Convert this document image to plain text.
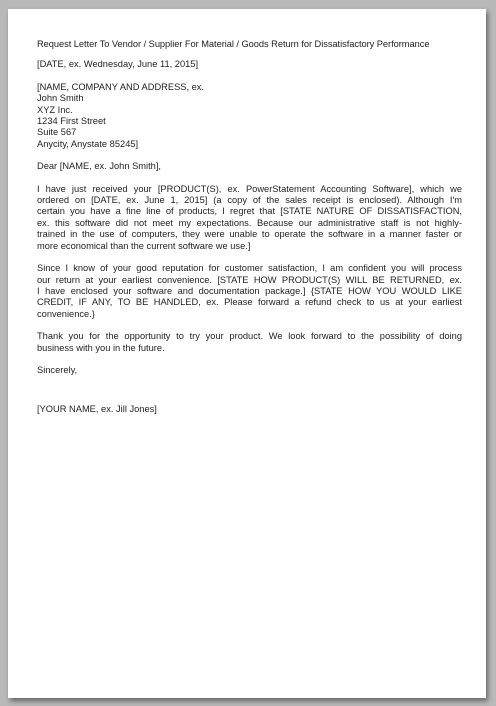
Request Letter To Vendor / Supplier For Material / Goods Return for Dissatisfactory Performance
[DATE, ex. Wednesday, June 11, 2015]
[NAME, COMPANY AND ADDRESS, ex.
John Smith
XYZ Inc.
1234 First Street
Suite 567
Anycity, Anystate 85245]
Dear [NAME, ex. John Smith],
I have just received your [PRODUCT(S), ex. PowerStatement Accounting Software], which we
ordered on [DATE, ex. June 1, 2015] (a copy of the sales receipt is enclosed). Although I'm
certain you have a fine line of products, I regret that [STATE NATURE OF DISSATISFACTION,
ex. this software did not meet my expectations. Because our administrative staff is not highly-
trained in the use of computers, they were unable to operate the software in a manner faster or
more economical than the current software we use.]
Since I know of your good reputation for customer satisfaction, I am confident you will process
our return at your earliest convenience. [STATE HOW PRODUCT(S) WILL BE RETURNED, ex.
I have enclosed your software and documentation package.] {STATE HOW YOU WOULD LIKE
CREDIT, IF ANY, TO BE HANDLED, ex. Please forward a refund check to us at your earliest
convenience.}
Thank you for the opportunity to try your product. We look forward to the possibility of doing
business with you in the future.
Sincerely,
[YOUR NAME, ex. Jill Jones]
